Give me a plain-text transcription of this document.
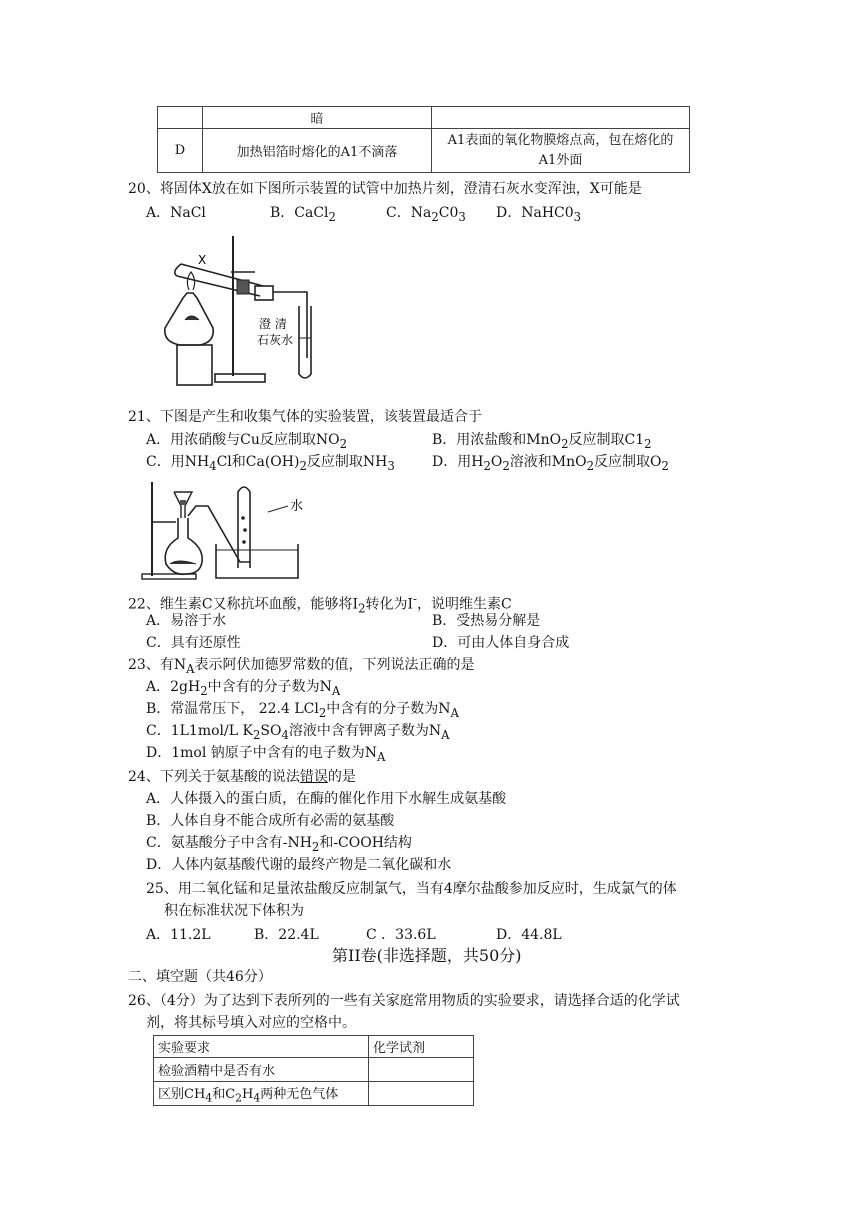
	暗	
D	加热铝箔时熔化的A1不滴落	A1表面的氧化物膜熔点高，包在熔化的
A1外面
20、将固体X放在如下图所示装置的试管中加热片刻，澄清石灰水变浑浊，X可能是
A．NaCl	B．CaCl$_2$	C．$Na_2C0_3$ D．$NaHC0_3$
X
澄 清
石灰水
21、下图是产生和收集气体的实验装置，该装置最适合于
A．用浓硝酸与Cu反应制取$NO_2$	B．用浓盐酸和MnO$_2$反应制取$C1_2$
C．用$NH_4Cl$和$Ca(OH)_2$反应制取$NH_3$	D．用$H_2O_2$溶液和MnO$_2$反应制取$O_2$
水
22、维生素C又称抗坏血酸，能够将$I_2$转化为I-，说明维生素C
A．易溶于水	B．受热易分解是
C．具有还原性	D．可由人体自身合成
23、有$N_A$表示阿伏加德罗常数的值，下列说法正确的是
A．$2gH_2$中含有的分子数为$N_A$
B．常温常压下， 22.4 LCl$_2$中含有的分子数为$N_A$
C．1L1mol/L $K_2SO_4$溶液中含有钾离子数为$N_A$
D．1mol 钠原子中含有的电子数为$N_A$
24、下列关于氨基酸的说法错误的是
A．人体摄入的蛋白质，在酶的催化作用下水解生成氨基酸
B．人体自身不能合成所有必需的氨基酸
C．氨基酸分子中含有$-NH_2$和-COOH结构
D．人体内氨基酸代谢的最终产物是二氧化碳和水
25、用二氧化锰和足量浓盐酸反应制氯气，当有4摩尔盐酸参加反应时，生成氯气的体
积在标准状况下体积为
A．11.2L	B．22.4L	C ．33.6L	D．44.8L
第II卷(非选择题，共50分)
二、填空题（共46分）
26、（4分）为了达到下表所列的一些有关家庭常用物质的实验要求，请选择合适的化学试
剂，将其标号填入对应的空格中。
实验要求	化学试剂
检验酒精中是否有水	
区别$CH_4$和$C_2H_4$两种无色气体	
